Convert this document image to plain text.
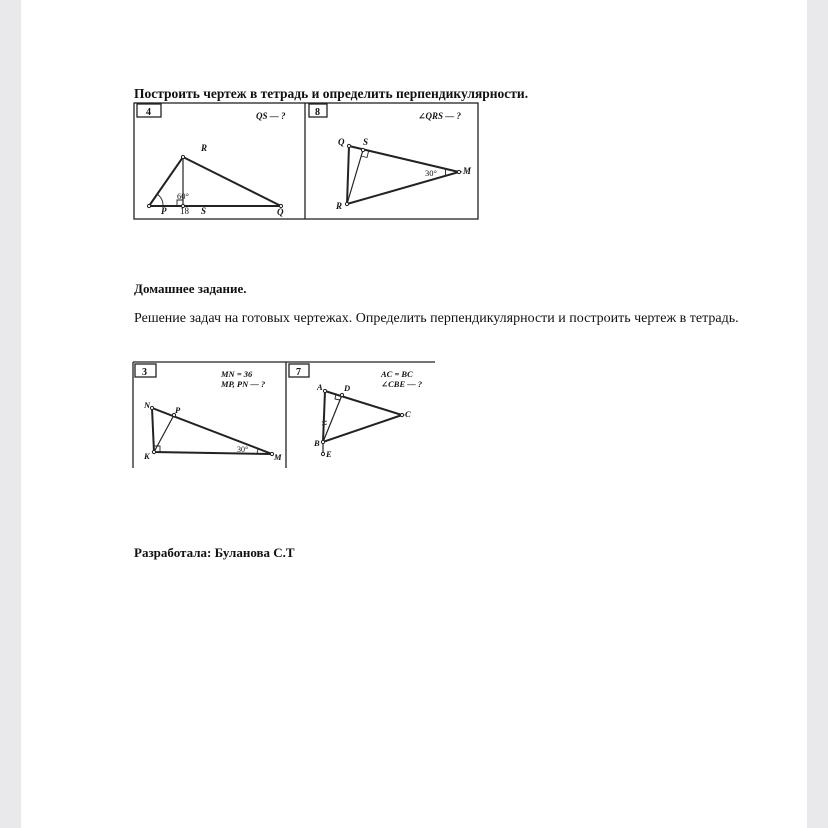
Построить чертеж в тетрадь и определить перпендикулярности.
4	8
QS — ?	∠QRS — ?
R
P	S	Q
60°
18
Q S
R
M
30°
Домашнее задание.
Решение задач на готовых чертежах. Определить перпендикулярности и построить чертеж в тетрадь.
3	7
MN = 36
MP, PN — ?
AC = BC
∠CBE — ?
N	P
K	M
30°
A	D
C
B
E
Разработала: Буланова С.Т
